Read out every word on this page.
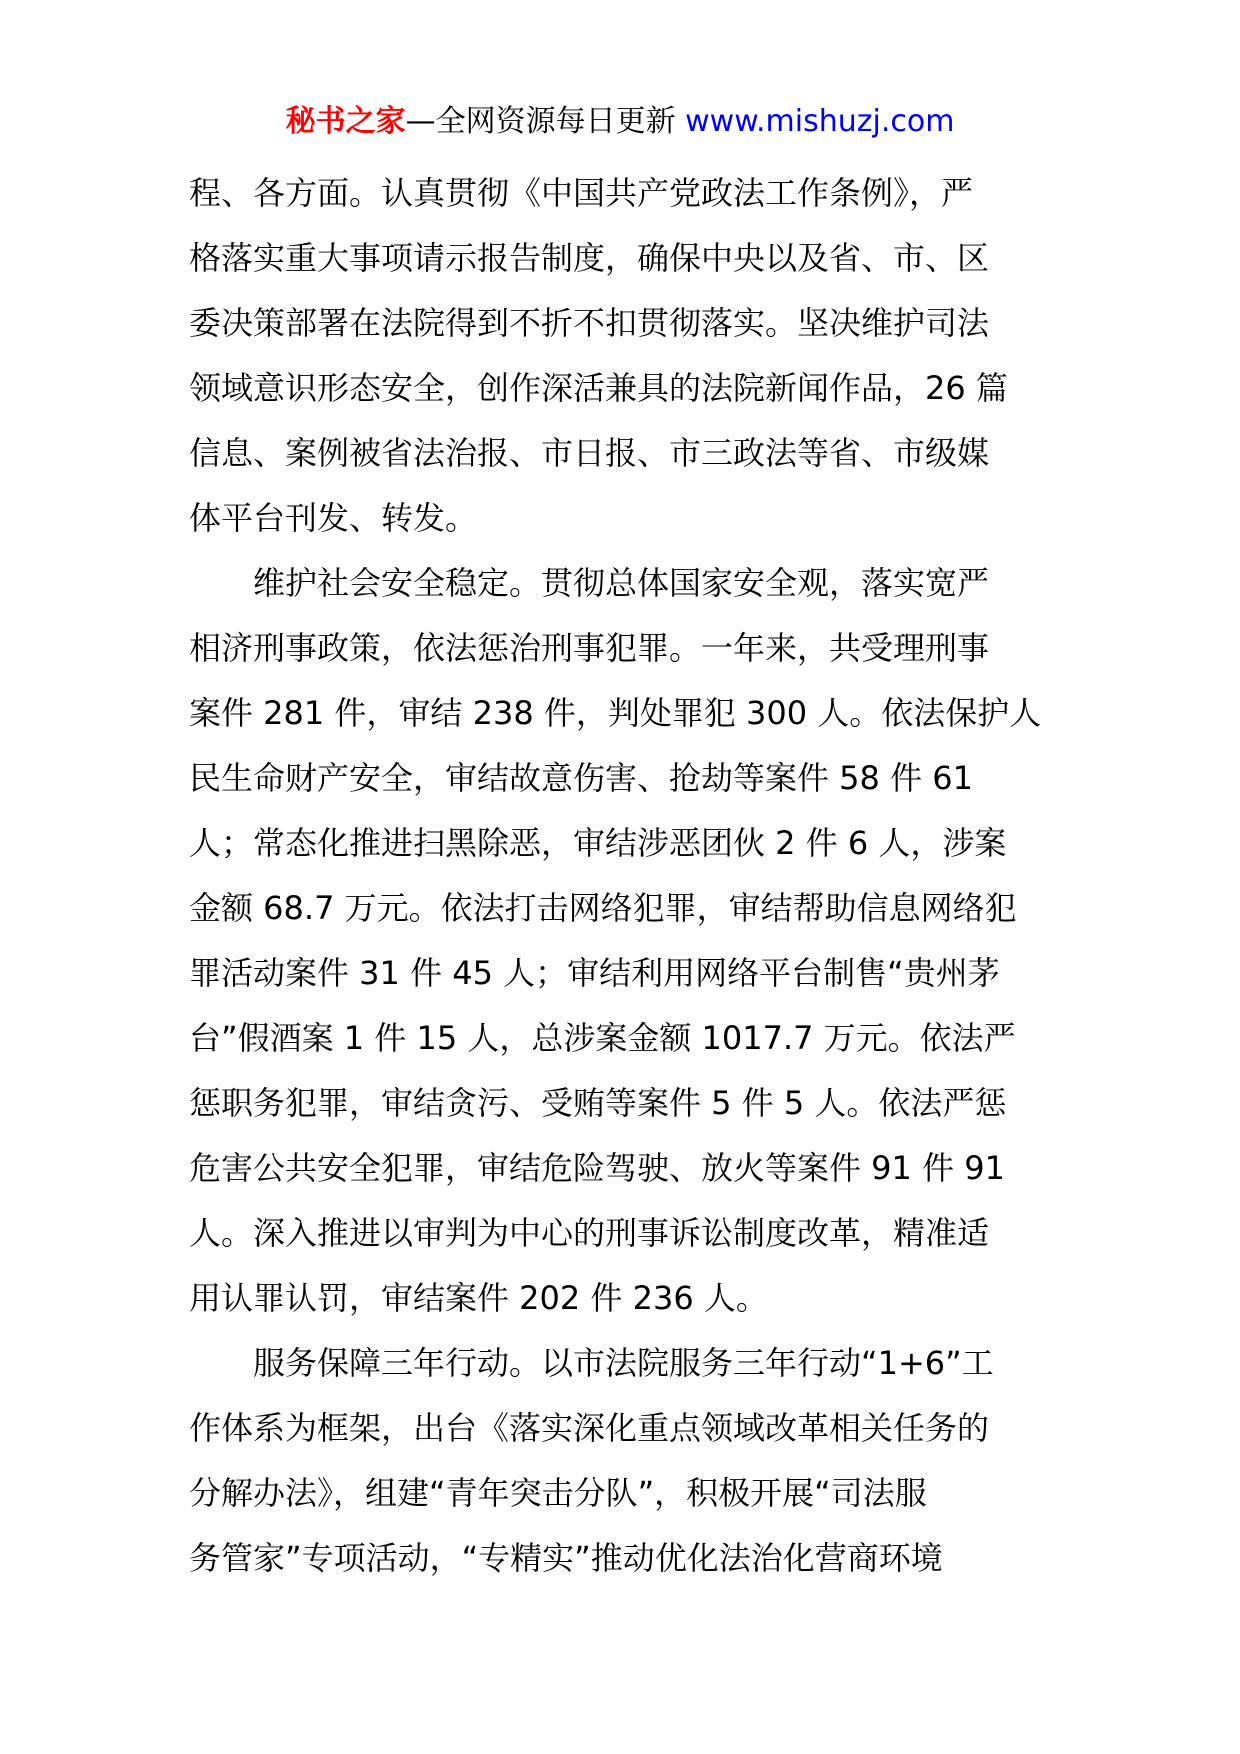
秘书之家—全网资源每日更新 www.mishuzj.com
程、各方面。认真贯彻《中国共产党政法工作条例》，严
格落实重大事项请示报告制度，确保中央以及省、市、区
委决策部署在法院得到不折不扣贯彻落实。坚决维护司法
领域意识形态安全，创作深活兼具的法院新闻作品，26 篇
信息、案例被省法治报、市日报、市三政法等省、市级媒
体平台刊发、转发。
维护社会安全稳定。贯彻总体国家安全观，落实宽严
相济刑事政策，依法惩治刑事犯罪。一年来，共受理刑事
案件 281 件，审结 238 件，判处罪犯 300 人。依法保护人
民生命财产安全，审结故意伤害、抢劫等案件 58 件 61
人；常态化推进扫黑除恶，审结涉恶团伙 2 件 6 人，涉案
金额 68.7 万元。依法打击网络犯罪，审结帮助信息网络犯
罪活动案件 31 件 45 人；审结利用网络平台制售“贵州茅
台”假酒案 1 件 15 人，总涉案金额 1017.7 万元。依法严
惩职务犯罪，审结贪污、受贿等案件 5 件 5 人。依法严惩
危害公共安全犯罪，审结危险驾驶、放火等案件 91 件 91
人。深入推进以审判为中心的刑事诉讼制度改革，精准适
用认罪认罚，审结案件 202 件 236 人。
服务保障三年行动。以市法院服务三年行动“1+6”工
作体系为框架，出台《落实深化重点领域改革相关任务的
分解办法》，组建“青年突击分队”，积极开展“司法服
务管家”专项活动，“专精实”推动优化法治化营商环境
